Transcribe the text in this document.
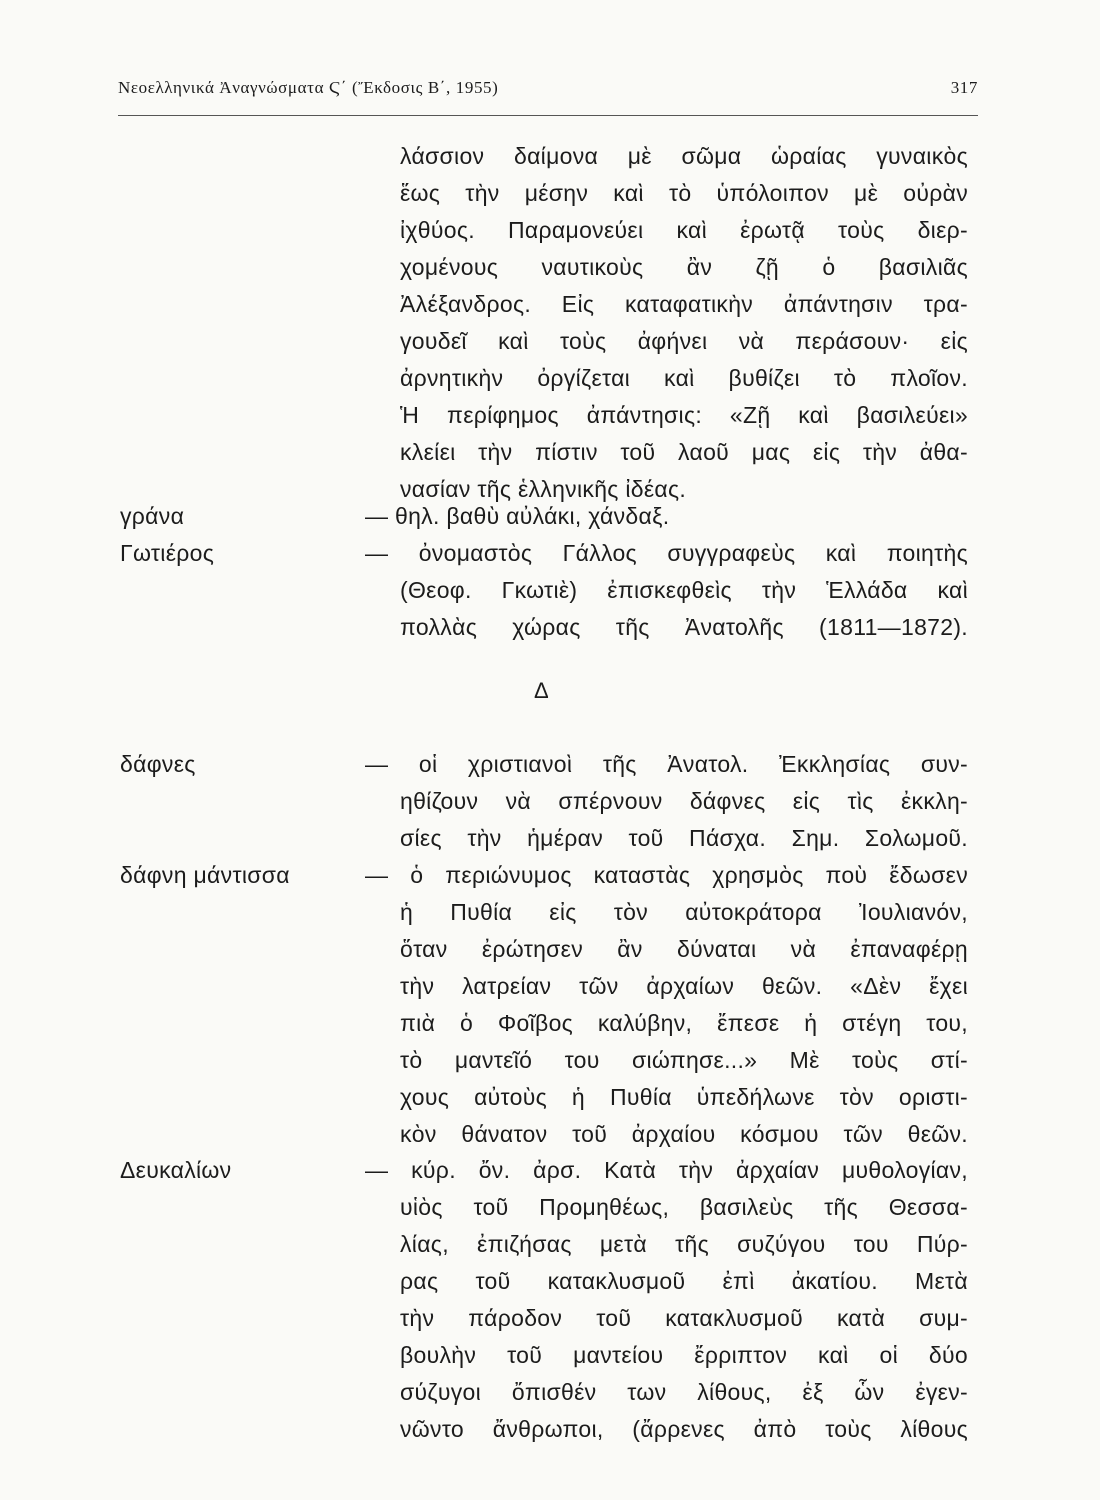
Νεοελληνικά Ἀναγνώσματα Ϛ΄ (Ἔκδοσις Β΄, 1955)	317
λάσσιον δαίμονα μὲ σῶμα ὡραίας γυναικὸς
ἕως τὴν μέσην καὶ τὸ ὑπόλοιπον μὲ οὐρὰν
ἰχθύος. Παραμονεύει καὶ ἐρωτᾷ τοὺς διερ-
χομένους ναυτικοὺς ἂν ζῇ ὁ βασιλιᾶς
Ἀλέξανδρος. Εἰς καταφατικὴν ἀπάντησιν τρα-
γουδεῖ καὶ τοὺς ἀφήνει νὰ περάσουν· εἰς
ἀρνητικὴν ὀργίζεται καὶ βυθίζει τὸ πλοῖον.
Ἡ περίφημος ἀπάντησις: «Ζῇ καὶ βασιλεύει»
κλείει τὴν πίστιν τοῦ λαοῦ μας εἰς τὴν ἀθα-
νασίαν τῆς ἑλληνικῆς ἰδέας.
γράνα	— θηλ. βαθὺ αὐλάκι, χάνδαξ.
Γωτιέρος	— ὀνομαστὸς Γάλλος συγγραφεὺς καὶ ποιητὴς
(Θεοφ. Γκωτιὲ) ἐπισκεφθεὶς τὴν Ἑλλάδα καὶ
πολλὰς χώρας τῆς Ἀνατολῆς (1811—1872).
Δ
δάφνες	— οἱ χριστιανοὶ τῆς Ἀνατολ. Ἐκκλησίας συν-
ηθίζουν νὰ σπέρνουν δάφνες εἰς τὶς ἐκκλη-
σίες τὴν ἡμέραν τοῦ Πάσχα. Σημ. Σολωμοῦ.
δάφνη μάντισσα	— ὁ περιώνυμος καταστὰς χρησμὸς ποὺ ἔδωσεν
ἡ Πυθία εἰς τὸν αὐτοκράτορα Ἰουλιανόν,
ὅταν ἐρώτησεν ἂν δύναται νὰ ἐπαναφέρῃ
τὴν λατρείαν τῶν ἀρχαίων θεῶν. «Δὲν ἔχει
πιὰ ὁ Φοῖβος καλύβην, ἔπεσε ἡ στέγη του,
τὸ μαντεῖό του σιώπησε...» Μὲ τοὺς στί-
χους αὐτοὺς ἡ Πυθία ὑπεδήλωνε τὸν οριστι-
κὸν θάνατον τοῦ ἀρχαίου κόσμου τῶν θεῶν.
Δευκαλίων	— κύρ. ὄν. ἀρσ. Κατὰ τὴν ἀρχαίαν μυθολογίαν,
υἱὸς τοῦ Προμηθέως, βασιλεὺς τῆς Θεσσα-
λίας, ἐπιζήσας μετὰ τῆς συζύγου του Πύρ-
ρας τοῦ κατακλυσμοῦ ἐπὶ ἀκατίου. Μετὰ
τὴν πάροδον τοῦ κατακλυσμοῦ κατὰ συμ-
βουλὴν τοῦ μαντείου ἔρριπτον καὶ οἱ δύο
σύζυγοι ὄπισθέν των λίθους, ἐξ ὧν ἐγεν-
νῶντο ἄνθρωποι, (ἄρρενες ἀπὸ τοὺς λίθους
